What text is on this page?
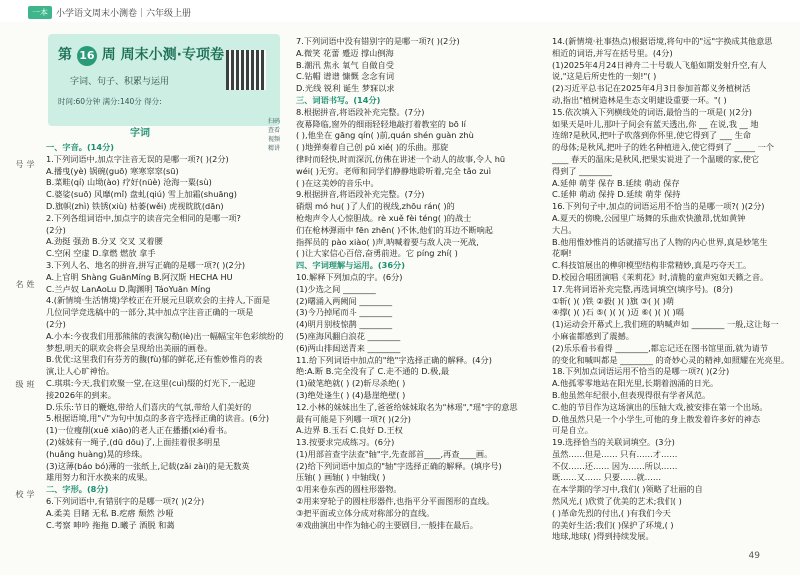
一本 小学语文周末小测卷｜六年级上册
第 16 周 周末小测·专项卷
字词、句子、积累与运用
时间:60分钟 满分:140分 得分:
扫码查看 视频精讲
学号
姓名
班级
学校
字词

一、字音。(14分)

1.下列词语中,加点字注音无误的是哪一项?( )(2分)

A.播曳(yè) 锅碗(guō) 寒寒窣窣(sū)

B.菜畦(qí) 山坳(ào) 疗好(nüè) 沧海一粟(sù)

C.婆娑(suō) 风靡(mǐ) 盘虬(qiú) 雪上加霜(shuāng)

D.旗帜(zhì) 铁锈(xiù) 枯萎(wěi) 虎视眈眈(dān)

2.下列各组词语中,加点字的读音完全相同的是哪一项?

(2分)

A.劲挺 强劲 B.分叉 交叉 叉着腰

C.空闲 空虚 D.拿燃 燃放 拿手

3.下列人名、地名的拼音,拼写正确的是哪一项?( )(2分)

A.上官明 Shàng GuānMíng B.阿汉斯 HECHA HU

C.兰卢奴 LanAoLu D.陶渊明 TáoYuān Míng

4.(新情境·生活情境)学校正在开展元旦联欢会的主持人,下面是

几位同学竞选稿中的一部分,其中加点字注音正确的一项是

(2分)

A.小本:今夜我们用那熊熊的表演勾勒(lè)出一幅幅宝年色彩缤纷的

梦想,明天的联欢会将会呈现给出美丽的画卷。

B.优优:这里我们有芬芳的馥(fù)郁的鲜花,还有惟妙惟肖的表

演,让人心旷神怡。

C.琪琪:今天,我们欢聚一堂,在这里(cuì)缀的灯光下,一起迎

接2026年的到来。

D.乐乐:节日的鞭炮,带给人们喜庆的气氛,带给人们美好的

5.根据语境,用"√"为句中加点的多音字选择正确的读音。(6分)

(1)一位瘦削(xuē xiāo)的老人正在播播(xié)看书。

(2)妹妹有一绳子,(dū dōu)了,上面挂着很多明星

(huǎng huàng)晃的珍珠。

(3)这薄(báo bó)薄的一张纸上,记载(zǎi zài)的是无数英

雄用努力和汗水换来的成果。

二、字形。(8分)

6.下列词语中,有错别字的是哪一项?( )(2分)

A.柔美 目睹 无私 B.疙瘩 颓然 沙哑

C.考察 呻吟 拖拖 D.曦子 酒脱 和蔼

7.下列词语中没有错别字的是哪一项?( )(2分)

A.微笑 花蕾 蹙迈 撑山倒海

B.潮汛 焦永 氧气 自做自受

C.钻帽 谱谱 慷慨 念念有词

D.光线 锐利 诞生 梦寐以求

三、词语书写。(14分)

8.根据拼音,将语段补充完整。(7分)

夜幕降临,窗外的细雨轻轻地敲打着教室的 bō lí

( ),他坐在 gāng qín( )前,quán shén guàn zhù

( )地弹奏着自己创 pǔ xiě( )的乐曲。那旋

律时而轻快,时而深沉,仿佛在讲述一个动人的故事,令人 hū

wéi( )无穷。老师和同学们静静地聆听着,完全 tǎo zuì

( )在这美妙的音乐中。

9.根据拼音,将语段补充完整。(7分)

硝烟 mó hu( )了人们的视线,zhōu rán( )的

枪炮声令人心惊胆战。rè xuě fèi téng( )的战士

们在枪林弹雨中 fēn zhēn( )不休,他们的耳边不断响起

指挥员的 pào xiào( )声,呐喊着要与敌人决一死战,

( )让大家信心百倍,奋勇前进。它 píng zhí( )

四、字词理解与运用。(36分)

10.解释下列加点的字。(6分)

(1)少选之间 ________

(2)曙涌入两阙间 ________

(3)今乃掉尾而斗 ________

(4)明月别枝惊鹊 ________

(5)座海风翻白浪花 ________

(6)两山排闼送青来 ________

11.给下列词语中加点的"绝"字选择正确的解释。(4分)

绝:A.断 B.完全没有了 C.走不通的 D.极,最

(1)破笔绝就( ) (2)斩尽杀绝( )

(3)绝处逢生( ) (4)悬崖绝壁( )

12.小林的妹妹出生了,爸爸给妹妹取名为"林瑶","瑶"字的意思

最有可能是下列哪一项?( )(2分)

A.边界 B.玉石 C.良好 D.王权

13.按要求完成练习。(6分)

(1)用部首查字法查"轴"字,先查部首____,再查____画。

(2)给下列词语中加点的"轴"字选择正确的解释。(填序号)

压轴( ) 画轴( ) 中轴线( )

①用来卷东西的圆柱形器物。

②用来穿轮子的圆柱形器件,也指平分平面图形的直线。

③把平面或立体分成对称部分的直线。

④戏曲演出中作为轴心的主要剧目,一般排在最后。

14.(新情境·社事热点)根据语境,将句中的"远"字换成其他意思

相近的词语,并写在括号里。(4分)

(1)2025年4月24日神舟二十号载人飞船如期发射升空,有人

说,"这是后所史性的一刻!"( )

(2)习近平总书记在2025年4月3日参加首都义务植树活

动,指出"植树造林是生态文明建设重要一环。"( )

15.依次填入下列横线处的词语,最恰当的一项是( )(2分)

如果天是叶儿,那叶子间会有蓝天透出,你 __ 在说,我 __ 地

连绵?是秋风,把叶子吹落到你怀里,使它得到了 ___ 生命

的母体;是秋风,把叶子的姓名种植进入,使它得到了 _____ 一个

____ 春天的温床;是秋风,把果实说进了一个温暖的家,使它

得到了 ________

A.延伸 萌芽 保存 B.延续 萌动 保存

C.延伸 萌动 保持 D.延续 萌芽 保持

16.下列句子中,加点的词语运用不恰当的是哪一项?( )(2分)

A.夏天的傍晚,公园里广场舞的乐曲欢快激昂,忧如黄钟

大吕。

B.他用惟妙惟肖的话就描写出了人物的内心世界,真是妙笔生

花啊!

C.科技馆展出的榫卯模型结构非常精妙,真是巧夺天工。

D.校园合唱团演唱《茉莉花》时,清脆的童声宛如天籁之音。

17.先将词语补充完整,再选词填空(填序号)。(8分)

①斩( )( )铁 ②毅( )( )旗 ③( )( )萌

④撑( )( )石 ⑤( )( )( )迈 ⑥( )( )( )嗝

(1)运动会开幕式上,我们班的呐喊声如 ________ 一般,这让每一

小麻雀都感到了震撼。

(2)乐乐看书看得 ________,都忘记还在图书馆里面,就为请节

的变化和喊叫都是 ________ 的奇妙心灵的精神,如照耀在光亮里。

18.下列加点词语运用不恰当的是哪一项?( )(2分)

A.他孤零零地站在阳光里,长期着汹涌的日光。

B.他虽然年纪很小,但表现得很有学者风范。

C.他的节目作为这场演出的压轴大戏,被安排在第一个出场。

D.他虽然只是一个小学生,可他的身上散发着许多好的神态

可是自立。

19.选择恰当的关联词填空。(3分)

虽然……但是…… 只有……才……

不仅……还…… 因为……所以……

既……又…… 只要……就……

在本学期的学习中,我们( )领略了壮丽的自

然风光,( )欣赏了优美的艺术;我们( )

( )革命先烈的付出,( )有我们今天

的美好生活;我们( )保护了环境,( )

地球,地球( )得到持续发展。

49
